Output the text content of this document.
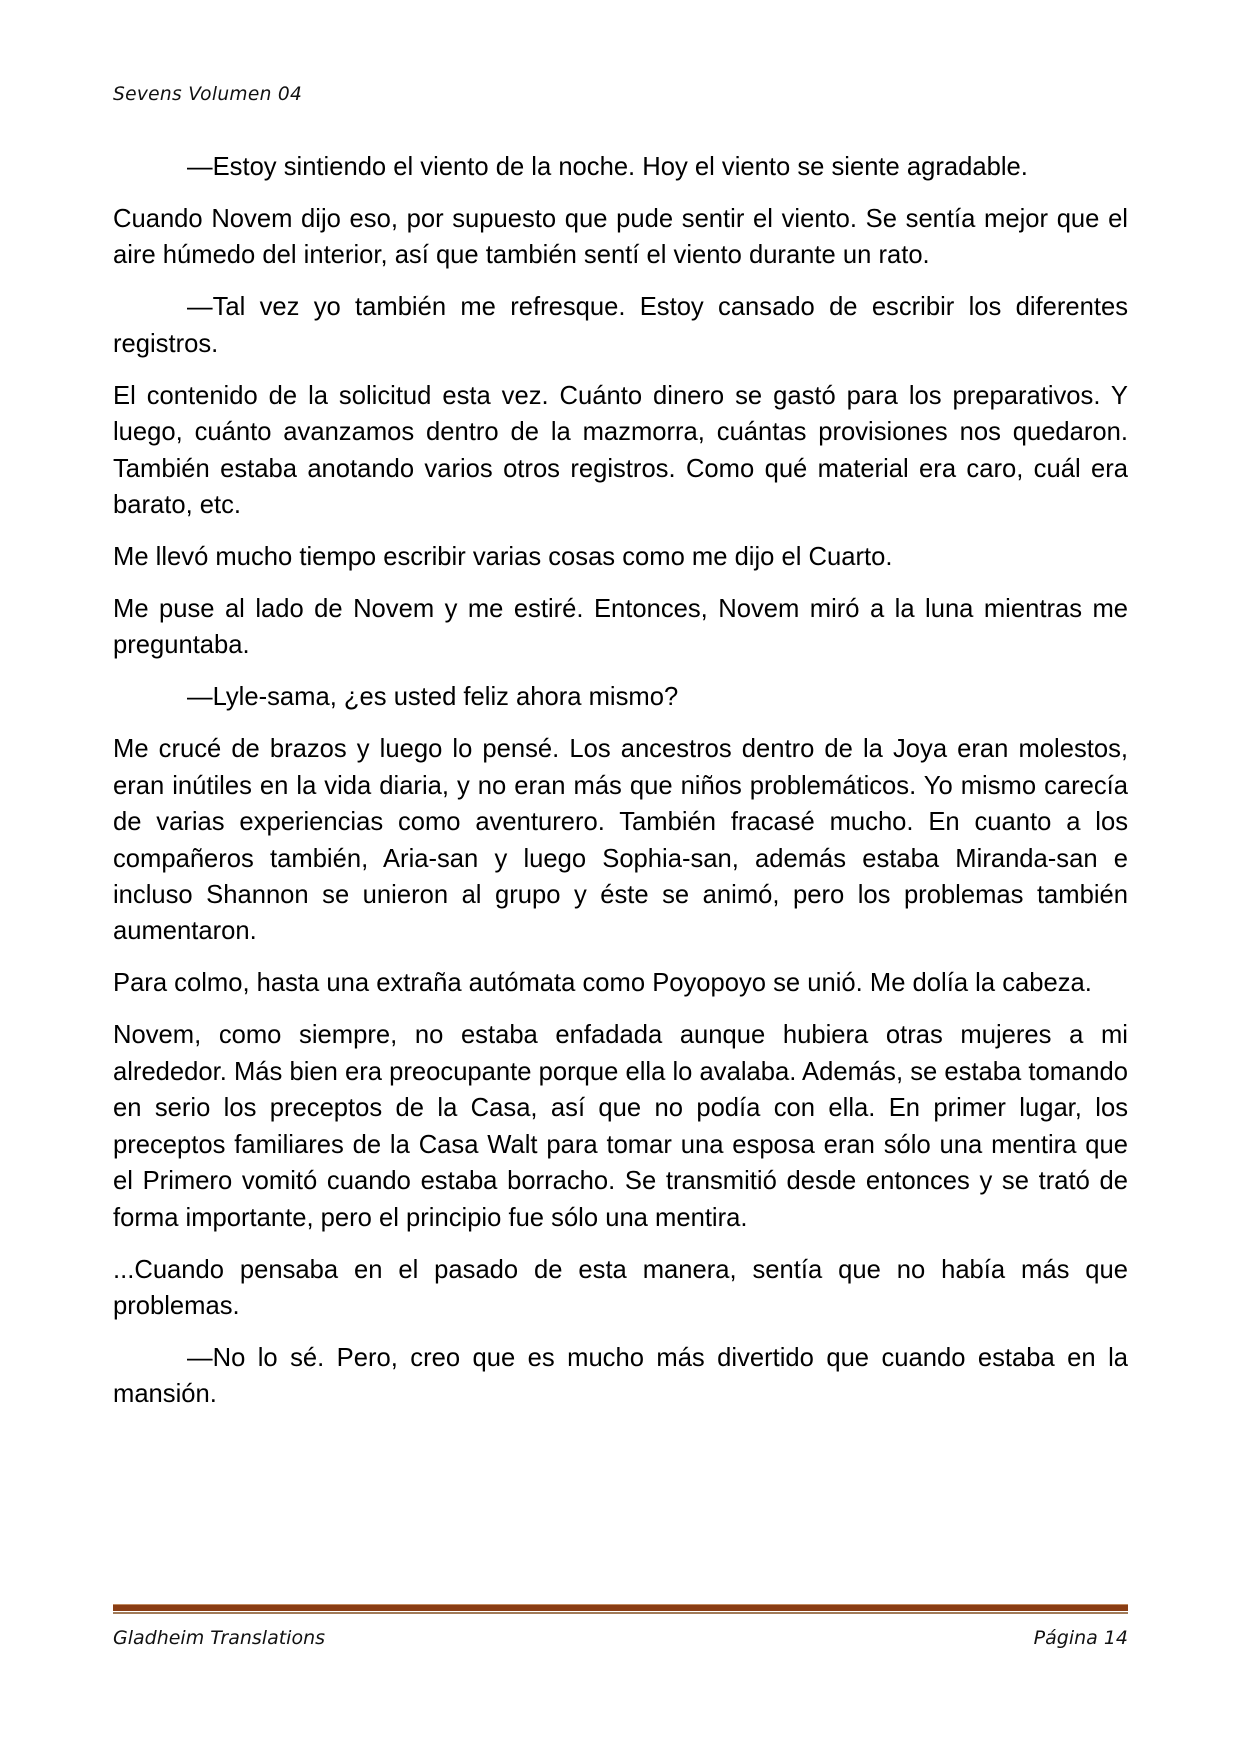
Sevens Volumen 04

—Estoy sintiendo el viento de la noche. Hoy el viento se siente agradable.

Cuando Novem dijo eso, por supuesto que pude sentir el viento. Se sentía mejor que el aire húmedo del interior, así que también sentí el viento durante un rato.

—Tal vez yo también me refresque. Estoy cansado de escribir los diferentes registros.

El contenido de la solicitud esta vez. Cuánto dinero se gastó para los preparativos. Y luego, cuánto avanzamos dentro de la mazmorra, cuántas provisiones nos quedaron. También estaba anotando varios otros registros. Como qué material era caro, cuál era barato, etc.

Me llevó mucho tiempo escribir varias cosas como me dijo el Cuarto.

Me puse al lado de Novem y me estiré. Entonces, Novem miró a la luna mientras me preguntaba.

—Lyle-sama, ¿es usted feliz ahora mismo?

Me crucé de brazos y luego lo pensé. Los ancestros dentro de la Joya eran molestos, eran inútiles en la vida diaria, y no eran más que niños problemáticos. Yo mismo carecía de varias experiencias como aventurero. También fracasé mucho. En cuanto a los compañeros también, Aria-san y luego Sophia-san, además estaba Miranda-san e incluso Shannon se unieron al grupo y éste se animó, pero los problemas también aumentaron.

Para colmo, hasta una extraña autómata como Poyopoyo se unió. Me dolía la cabeza.

Novem, como siempre, no estaba enfadada aunque hubiera otras mujeres a mi alrededor. Más bien era preocupante porque ella lo avalaba. Además, se estaba tomando en serio los preceptos de la Casa, así que no podía con ella. En primer lugar, los preceptos familiares de la Casa Walt para tomar una esposa eran sólo una mentira que el Primero vomitó cuando estaba borracho. Se transmitió desde entonces y se trató de forma importante, pero el principio fue sólo una mentira.

...Cuando pensaba en el pasado de esta manera, sentía que no había más que problemas.

—No lo sé. Pero, creo que es mucho más divertido que cuando estaba en la mansión.

Gladheim Translations	Página 14
